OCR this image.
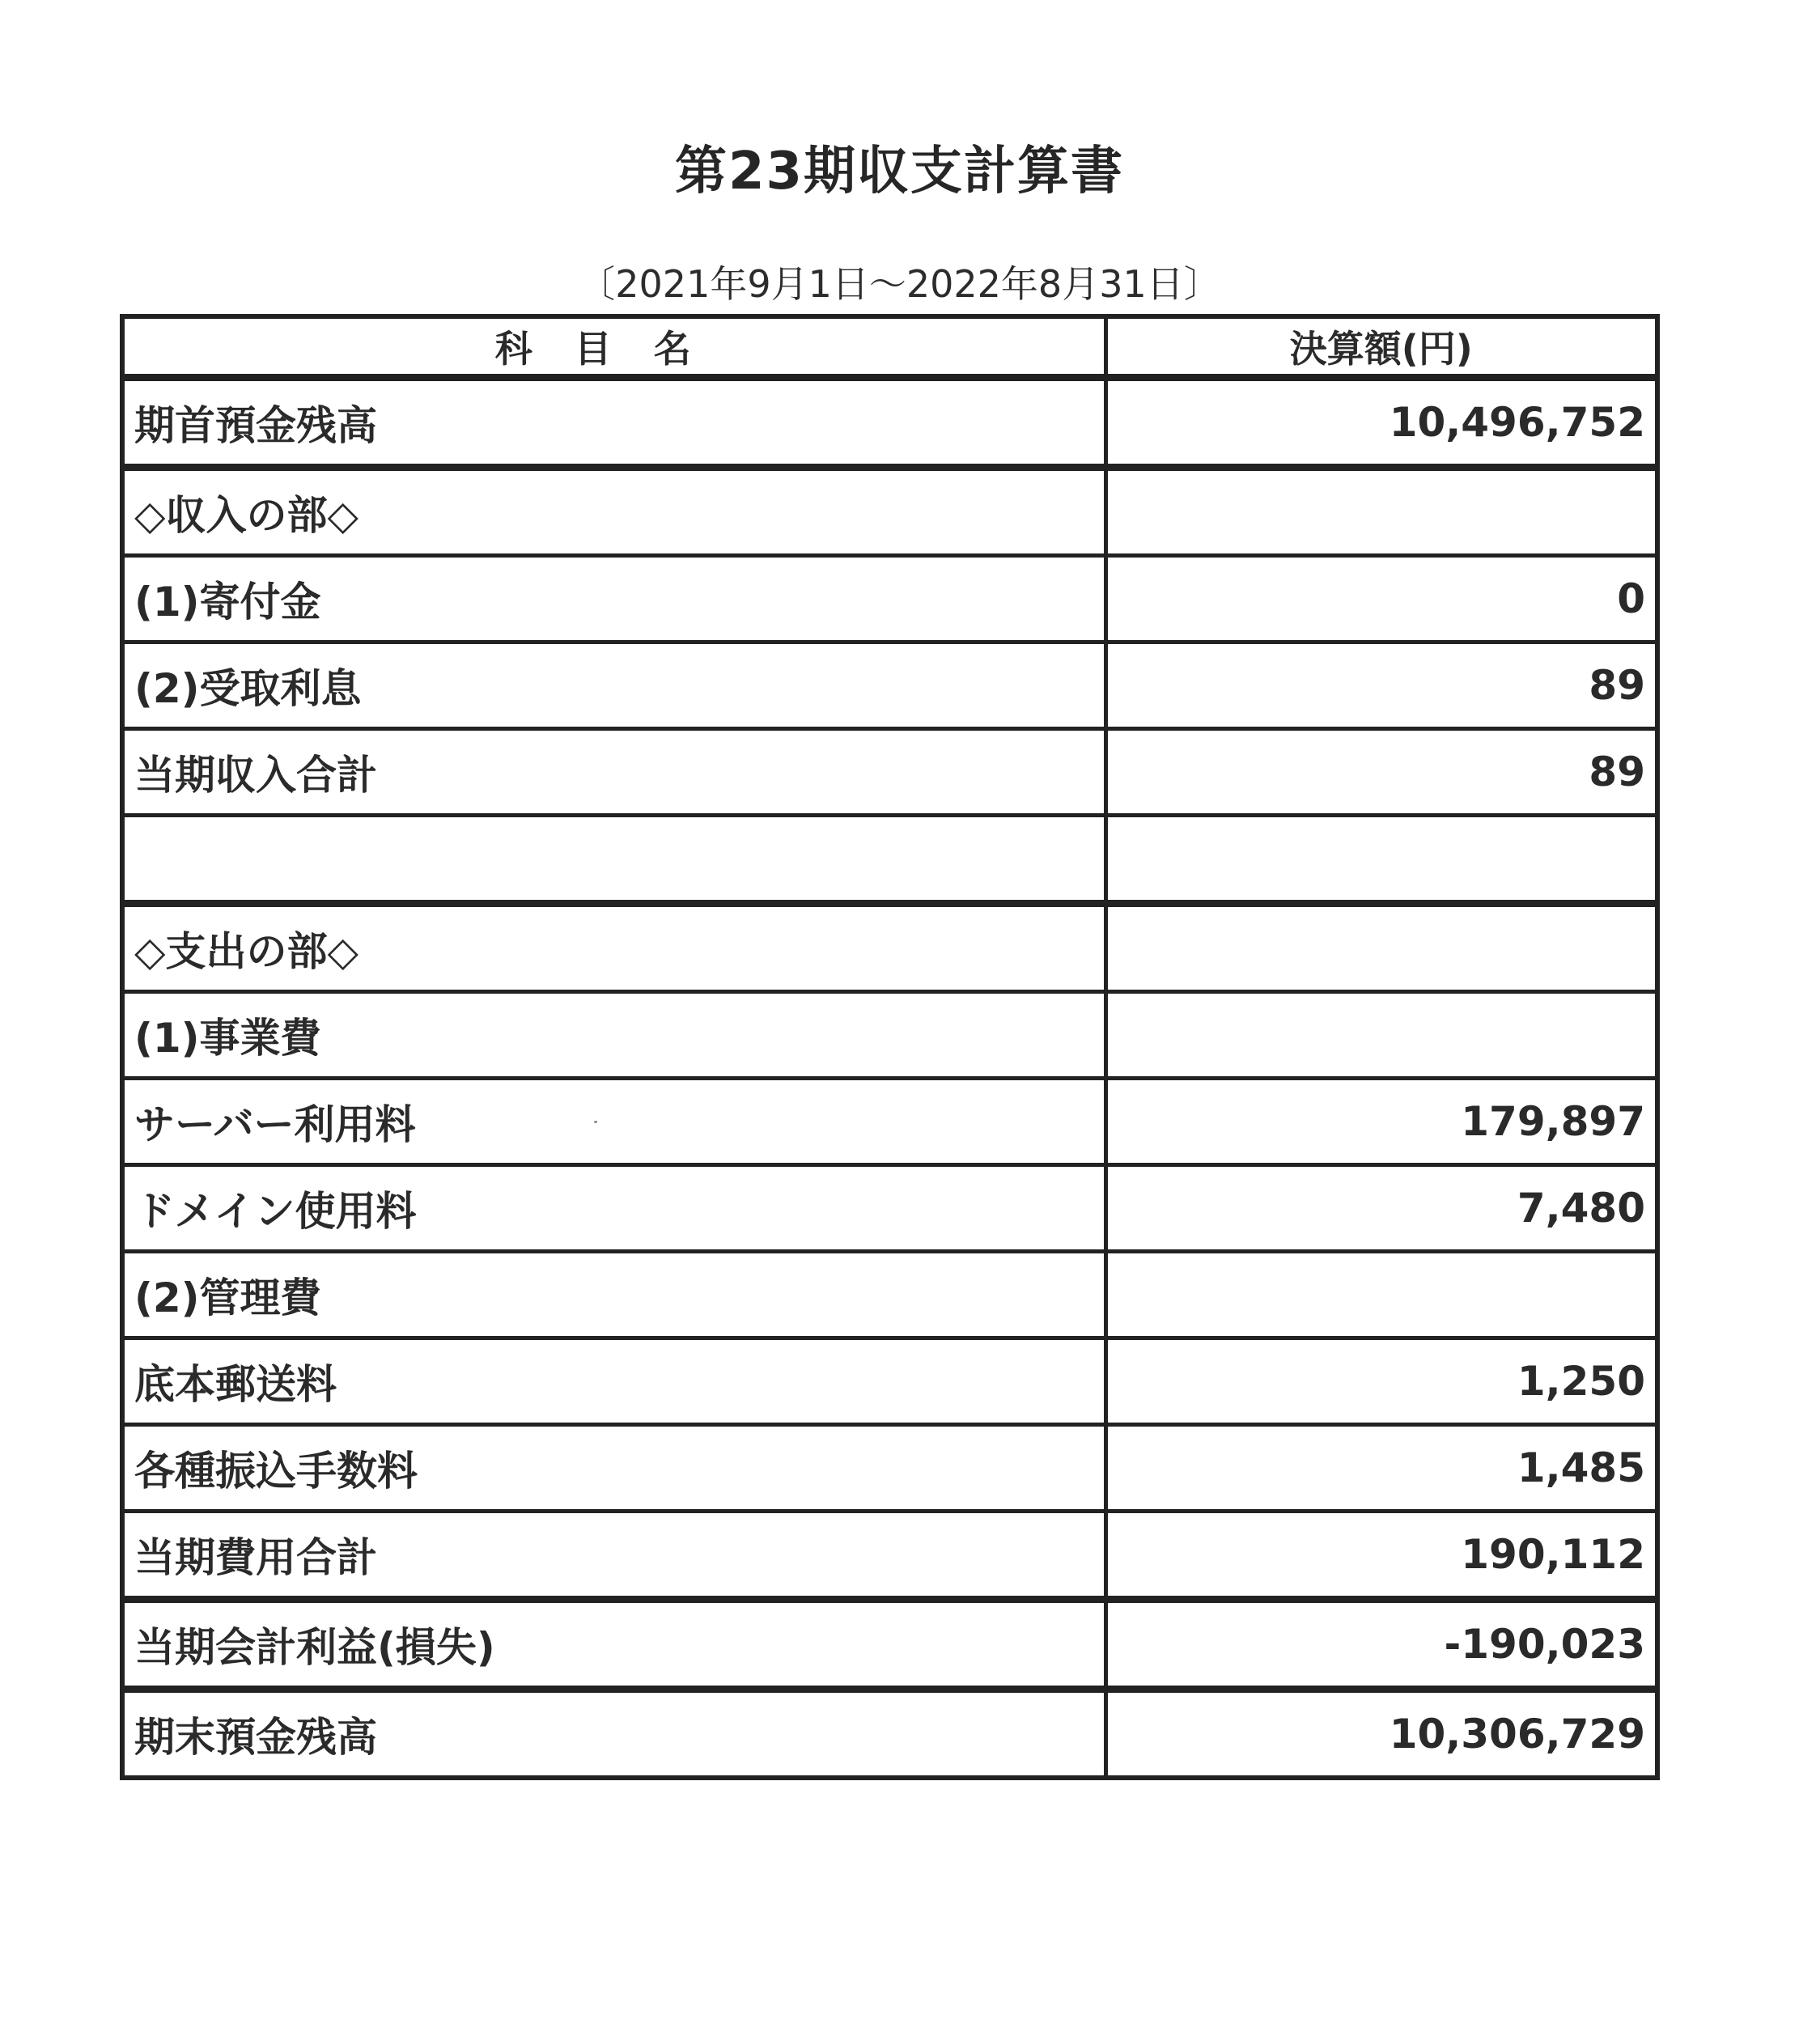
第23期収支計算書
〔2021年9月1日～2022年8月31日〕
科目名	決算額(円)
期首預金残高	10,496,752
◇収入の部◇	
(1)寄付金	0
(2)受取利息	89
当期収入合計	89

◇支出の部◇	
(1)事業費	
サーバー利用料	179,897
ドメイン使用料	7,480
(2)管理費	
底本郵送料	1,250
各種振込手数料	1,485
当期費用合計	190,112
当期会計利益(損失)	-190,023
期末預金残高	10,306,729
